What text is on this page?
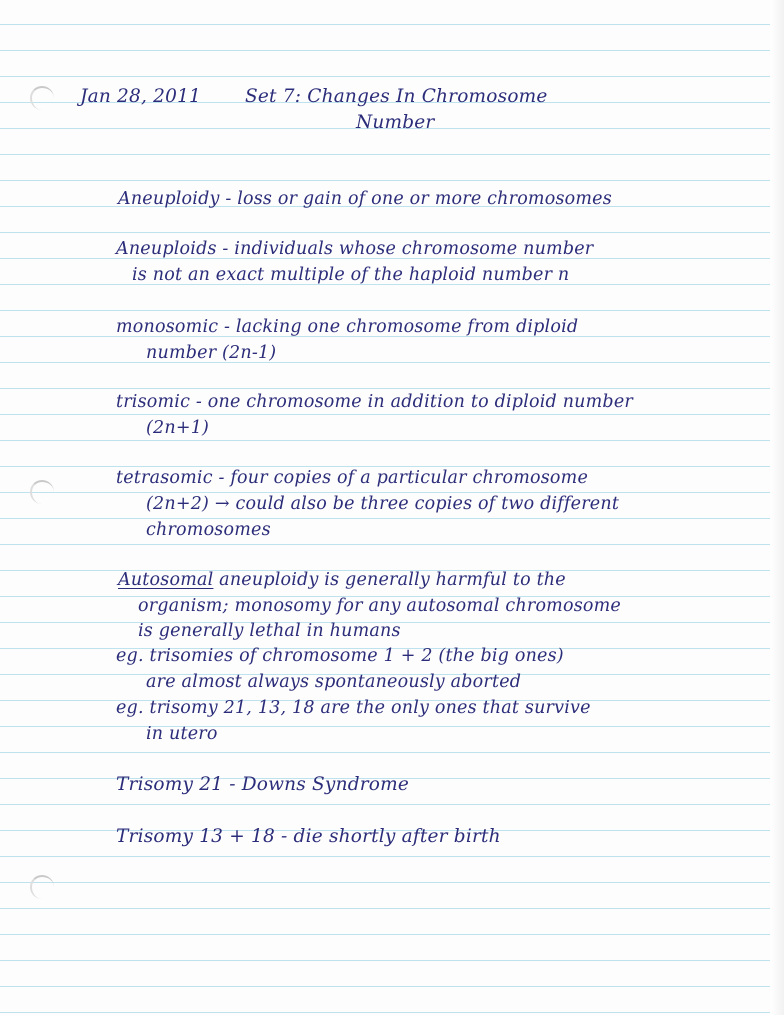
Jan 28, 2011 Set 7: Changes In Chromosome
Number
Aneuploidy - loss or gain of one or more chromosomes
Aneuploids - individuals whose chromosome number
is not an exact multiple of the haploid number n
monosomic - lacking one chromosome from diploid
number (2n-1)
trisomic - one chromosome in addition to diploid number
(2n+1)
tetrasomic - four copies of a particular chromosome
(2n+2) → could also be three copies of two different
chromosomes
Autosomal aneuploidy is generally harmful to the
organism; monosomy for any autosomal chromosome
is generally lethal in humans
eg. trisomies of chromosome 1 + 2 (the big ones)
are almost always spontaneously aborted
eg. trisomy 21, 13, 18 are the only ones that survive
in utero
Trisomy 21 - Downs Syndrome
Trisomy 13 + 18 - die shortly after birth
